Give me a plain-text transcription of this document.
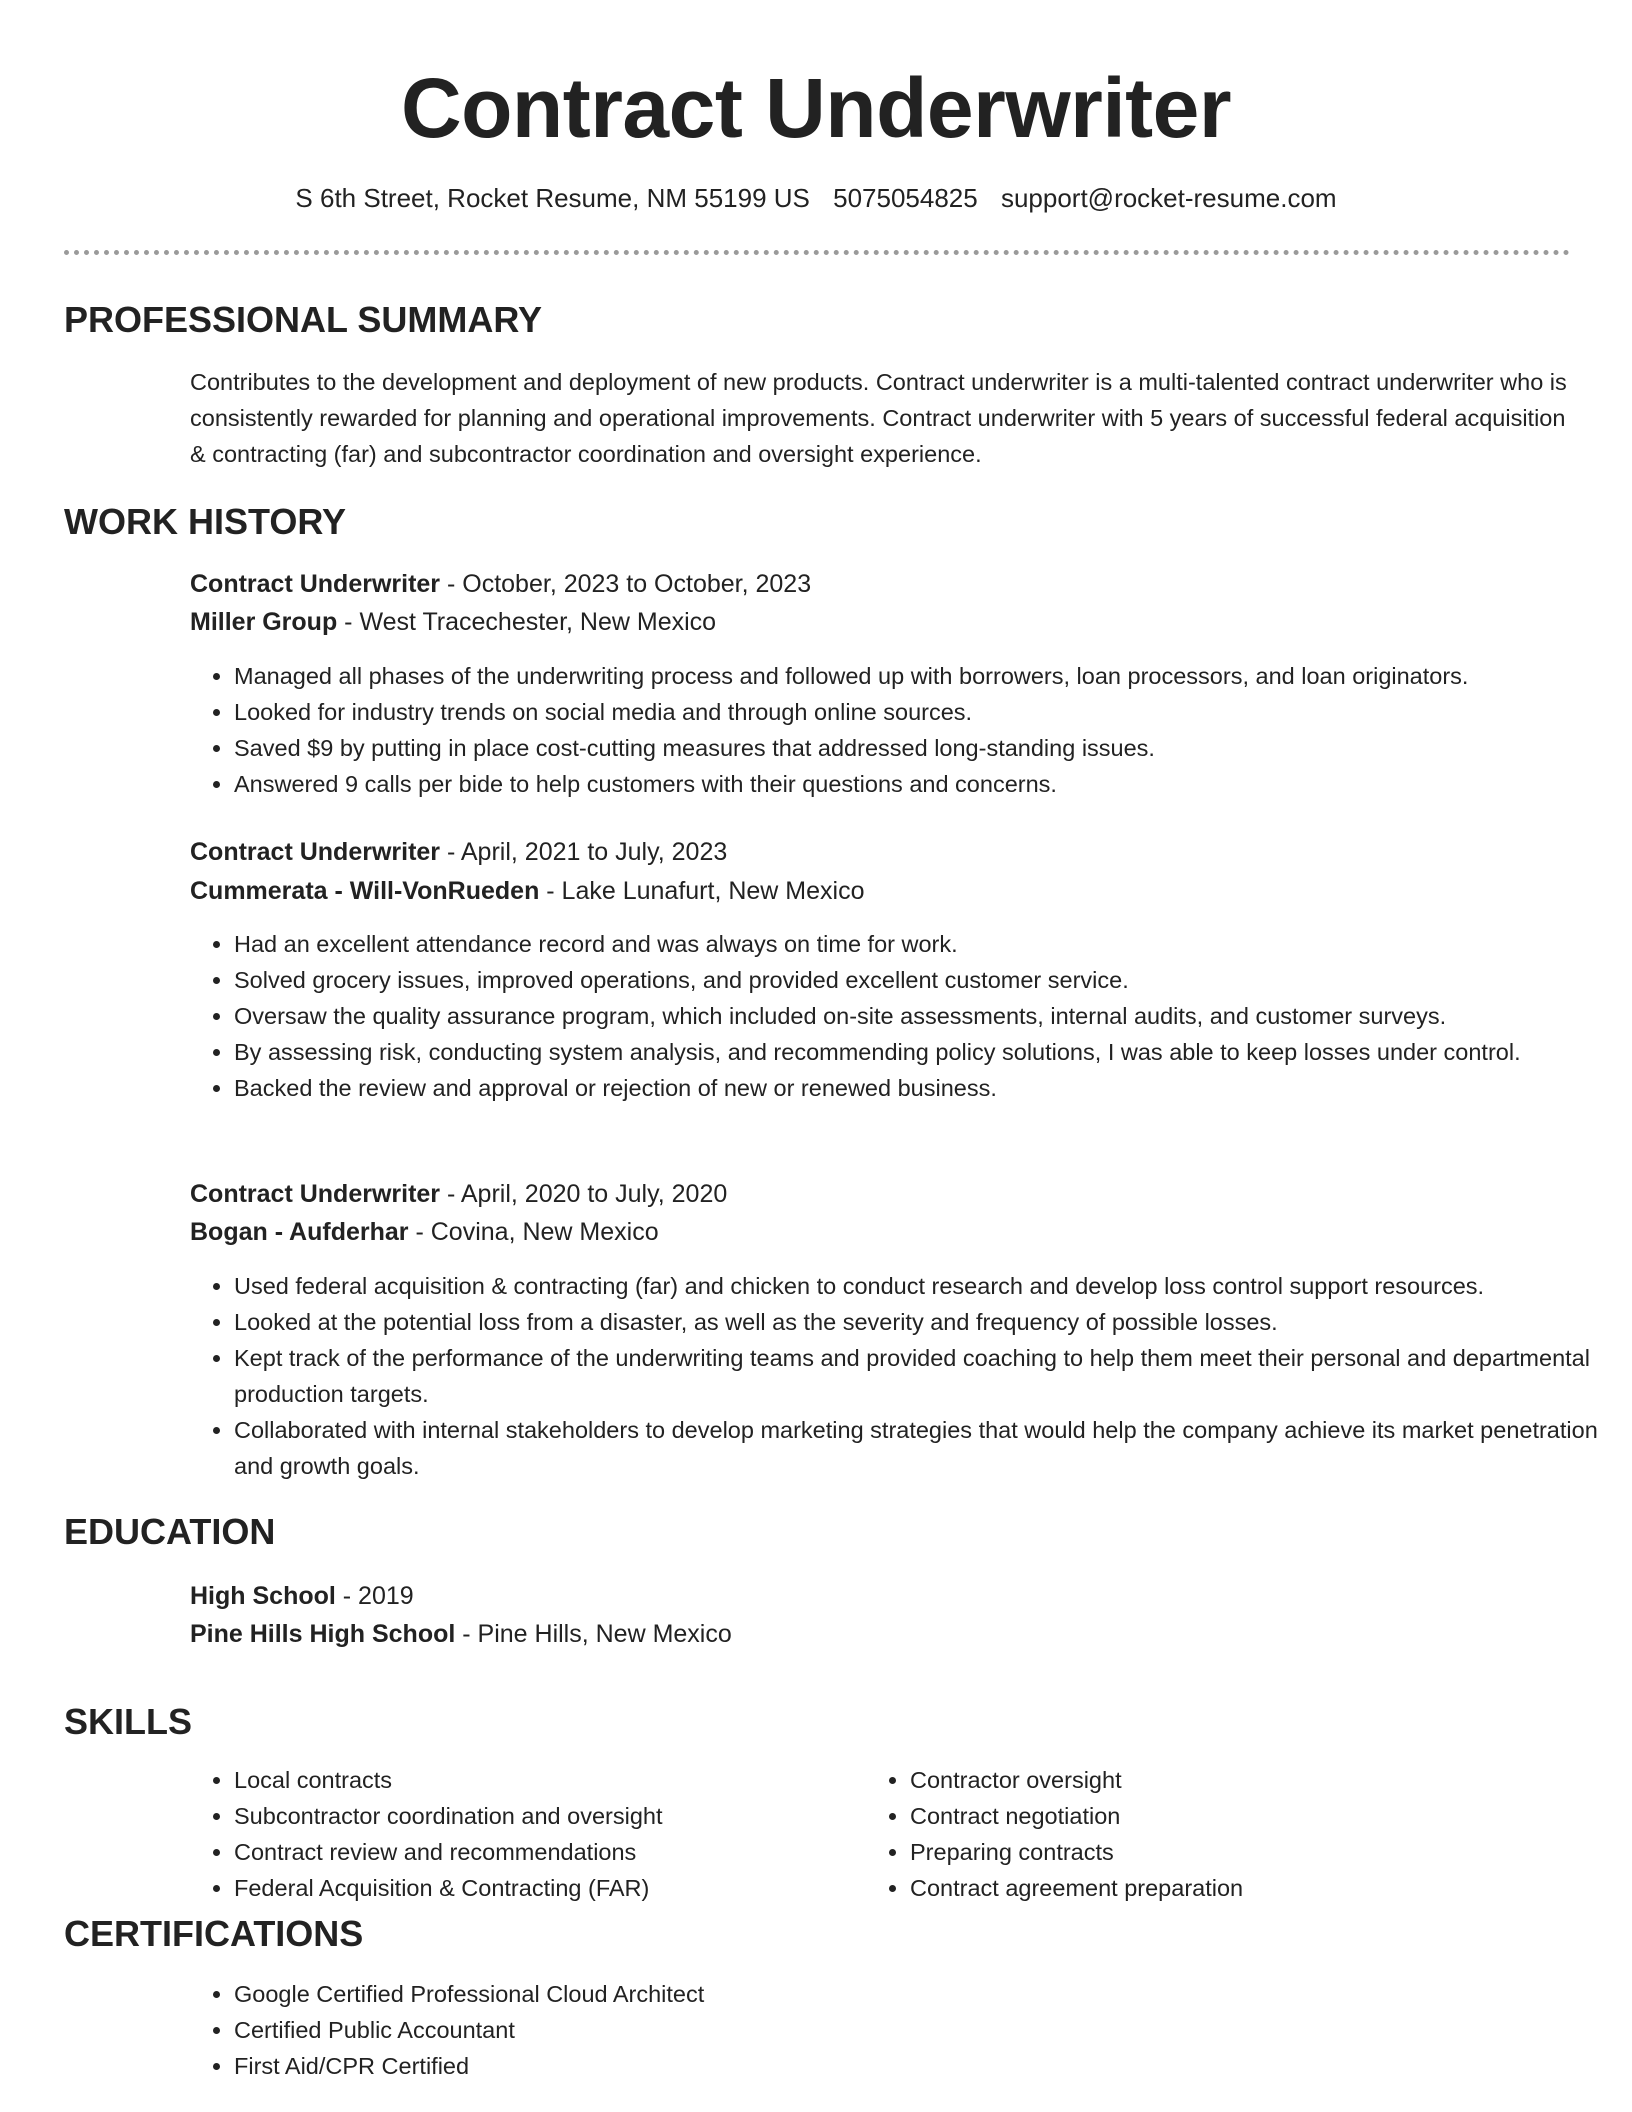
Contract Underwriter
S 6th Street, Rocket Resume, NM 55199 US 5075054825 support@rocket-resume.com
PROFESSIONAL SUMMARY

Contributes to the development and deployment of new products. Contract underwriter is a multi-talented contract underwriter who is consistently rewarded for planning and operational improvements. Contract underwriter with 5 years of successful federal acquisition & contracting (far) and subcontractor coordination and oversight experience.

WORK HISTORY
Contract Underwriter - October, 2023 to October, 2023
Miller Group - West Tracechester, New Mexico
• Managed all phases of the underwriting process and followed up with borrowers, loan processors, and loan originators.
• Looked for industry trends on social media and through online sources.
• Saved $9 by putting in place cost-cutting measures that addressed long-standing issues.
• Answered 9 calls per bide to help customers with their questions and concerns.
Contract Underwriter - April, 2021 to July, 2023
Cummerata - Will-VonRueden - Lake Lunafurt, New Mexico
• Had an excellent attendance record and was always on time for work.
• Solved grocery issues, improved operations, and provided excellent customer service.
• Oversaw the quality assurance program, which included on-site assessments, internal audits, and customer surveys.
• By assessing risk, conducting system analysis, and recommending policy solutions, I was able to keep losses under control.
• Backed the review and approval or rejection of new or renewed business.
Contract Underwriter - April, 2020 to July, 2020
Bogan - Aufderhar - Covina, New Mexico
• Used federal acquisition & contracting (far) and chicken to conduct research and develop loss control support resources.
• Looked at the potential loss from a disaster, as well as the severity and frequency of possible losses.
• Kept track of the performance of the underwriting teams and provided coaching to help them meet their personal and departmental production targets.
• Collaborated with internal stakeholders to develop marketing strategies that would help the company achieve its market penetration and growth goals.
EDUCATION
High School - 2019
Pine Hills High School - Pine Hills, New Mexico
SKILLS
• Local contracts
• Subcontractor coordination and oversight
• Contract review and recommendations
• Federal Acquisition & Contracting (FAR)
• Contractor oversight
• Contract negotiation
• Preparing contracts
• Contract agreement preparation
CERTIFICATIONS
• Google Certified Professional Cloud Architect
• Certified Public Accountant
• First Aid/CPR Certified
